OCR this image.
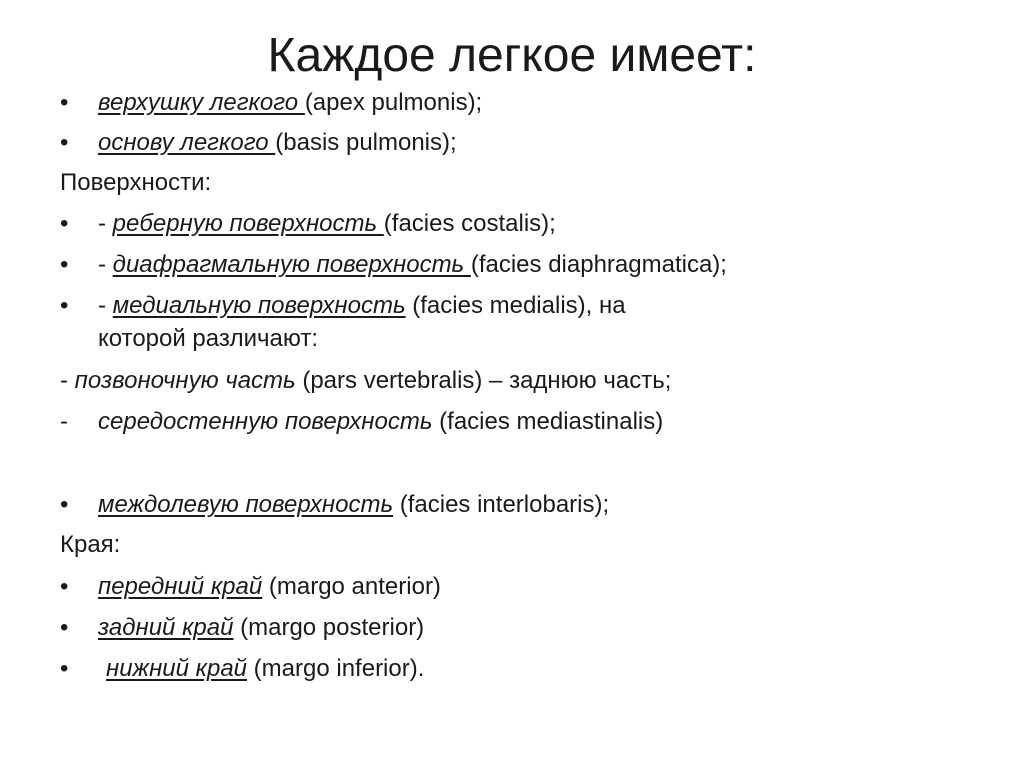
Каждое легкое имеет:
• верхушку легкого (apex pulmonis);
• основу легкого (basis pulmonis);
Поверхности:
• - реберную поверхность (facies costalis);
• - диафрагмальную поверхность (facies diaphragmatica);
• - медиальную поверхность (facies medialis), на
которой различают:
- позвоночную часть (pars vertebralis) – заднюю часть;
- середостенную поверхность (facies mediastinalis)
• междолевую поверхность (facies interlobaris);
Края:
• передний край (margo anterior)
• задний край (margo posterior)
• нижний край (margo inferior).
